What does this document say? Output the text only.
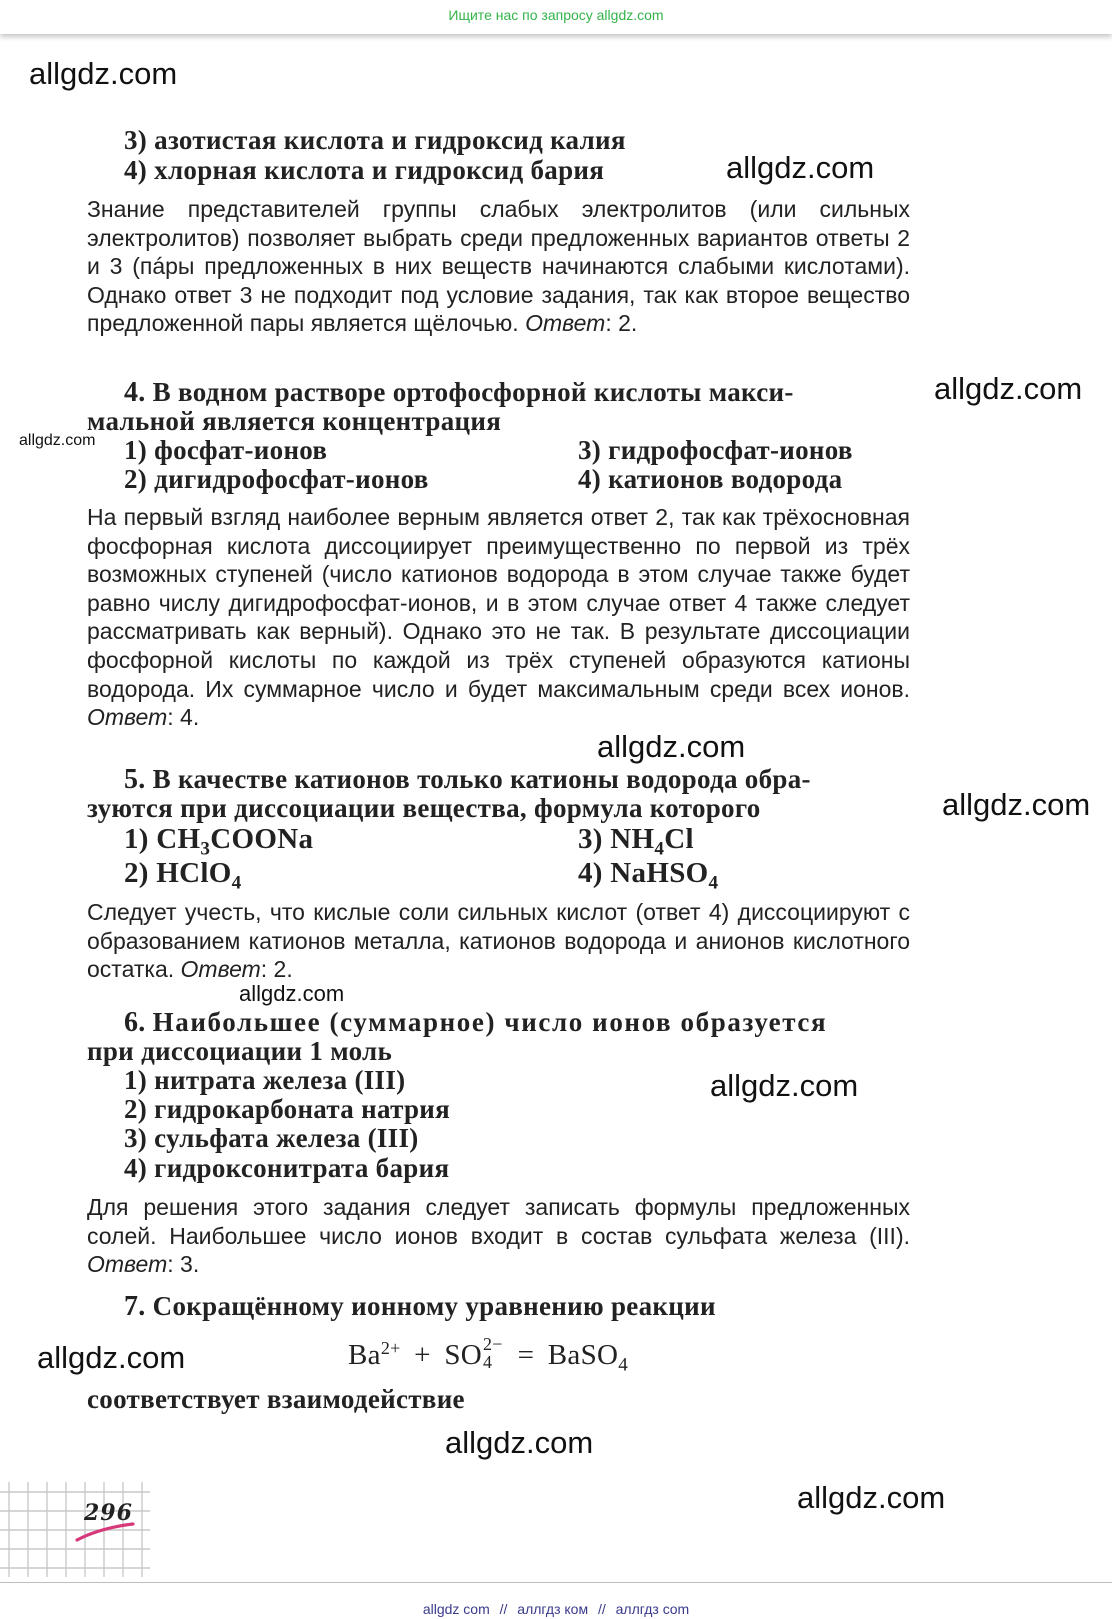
Ищите нас по запросу allgdz.com
allgdz.com
allgdz.com
allgdz.com
allgdz.com
allgdz.com
allgdz.com
allgdz.com
allgdz.com
allgdz.com
allgdz.com
allgdz.com
3) азотистая кислота и гидроксид калия
4) хлорная кислота и гидроксид бария
Знание представителей группы слабых электролитов (или сильных электролитов) позволяет выбрать среди предложенных вариантов ответы 2 и 3 (пáры предложенных в них веществ начинаются слабыми кислотами). Однако ответ 3 не подходит под условие задания, так как второе вещество предложенной пары является щёлочью. Ответ: 2.
4. В водном растворе ортофосфорной кислоты макси-
мальной является концентрация
1) фосфат-ионов
2) дигидрофосфат-ионов
3) гидрофосфат-ионов
4) катионов водорода
На первый взгляд наиболее верным является ответ 2, так как трёхосновная фосфорная кислота диссоциирует преимущественно по первой из трёх возможных ступеней (число катионов водорода в этом случае также будет равно числу дигидрофосфат-ионов, и в этом случае ответ 4 также следует рассматривать как верный). Однако это не так. В результате диссоциации фосфорной кислоты по каждой из трёх ступеней образуются катионы водорода. Их суммарное число и будет максимальным среди всех ионов. Ответ: 4.
5. В качестве катионов только катионы водорода обра-
зуются при диссоциации вещества, формула которого
1) $CH_3COONa$
2) HClO$_4$
3) $NH_4Cl$
4) NaHSO$_4$
Следует учесть, что кислые соли сильных кислот (ответ 4) диссоциируют с образованием катионов металла, катионов водорода и анионов кислотного остатка. Ответ: 2.
6. Наибольшее (суммарное) число ионов образуется
при диссоциации 1 моль
1) нитрата железа (III)
2) гидрокарбоната натрия
3) сульфата железа (III)
4) гидроксонитрата бария
Для решения этого задания следует записать формулы предложенных солей. Наибольшее число ионов входит в состав сульфата железа (III). Ответ: 3.
7. Сокращённому ионному уравнению реакции
$Ba^{2+}$ + SO 2−
4 = BaSO$_4$
соответствует взаимодействие
296
allgdz com // аллгдз ком // аллгдз com
